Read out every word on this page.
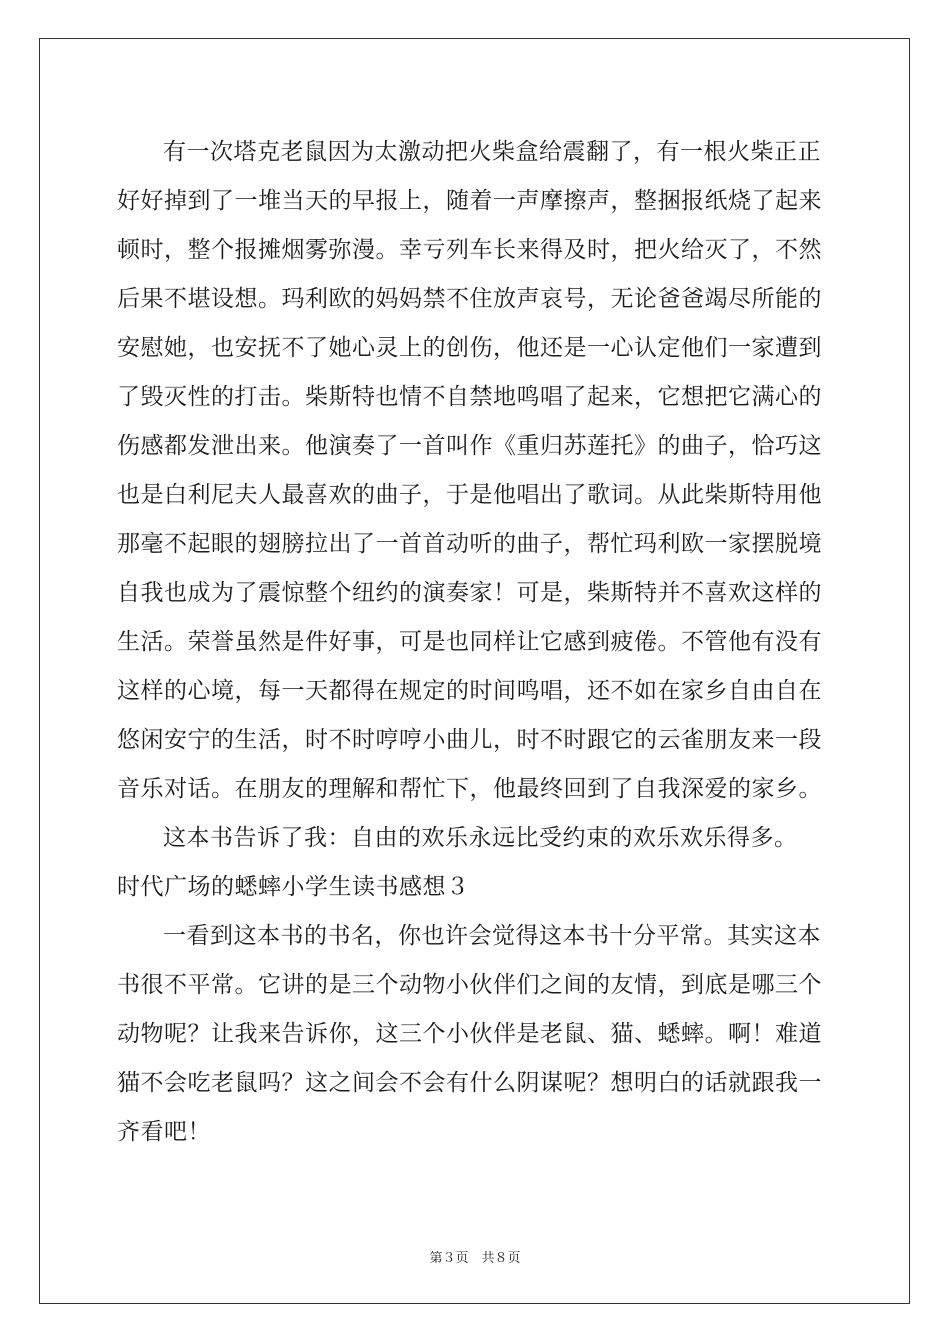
有一次塔克老鼠因为太激动把火柴盒给震翻了，有一根火柴正正
好好掉到了一堆当天的早报上，随着一声摩擦声，整捆报纸烧了起来
顿时，整个报摊烟雾弥漫。幸亏列车长来得及时，把火给灭了，不然
后果不堪设想。玛利欧的妈妈禁不住放声哀号，无论爸爸竭尽所能的
安慰她，也安抚不了她心灵上的创伤，他还是一心认定他们一家遭到
了毁灭性的打击。柴斯特也情不自禁地鸣唱了起来，它想把它满心的
伤感都发泄出来。他演奏了一首叫作《重归苏莲托》的曲子，恰巧这
也是白利尼夫人最喜欢的曲子，于是他唱出了歌词。从此柴斯特用他
那毫不起眼的翅膀拉出了一首首动听的曲子，帮忙玛利欧一家摆脱境
自我也成为了震惊整个纽约的演奏家！可是，柴斯特并不喜欢这样的
生活。荣誉虽然是件好事，可是也同样让它感到疲倦。不管他有没有
这样的心境，每一天都得在规定的时间鸣唱，还不如在家乡自由自在
悠闲安宁的生活，时不时哼哼小曲儿，时不时跟它的云雀朋友来一段
音乐对话。在朋友的理解和帮忙下，他最终回到了自我深爱的家乡。
这本书告诉了我：自由的欢乐永远比受约束的欢乐欢乐得多。
时代广场的蟋蟀小学生读书感想３
一看到这本书的书名，你也许会觉得这本书十分平常。其实这本
书很不平常。它讲的是三个动物小伙伴们之间的友情，到底是哪三个
动物呢？让我来告诉你，这三个小伙伴是老鼠、猫、蟋蟀。啊！难道
猫不会吃老鼠吗？这之间会不会有什么阴谋呢？想明白的话就跟我一
齐看吧！
第３页　共８页
